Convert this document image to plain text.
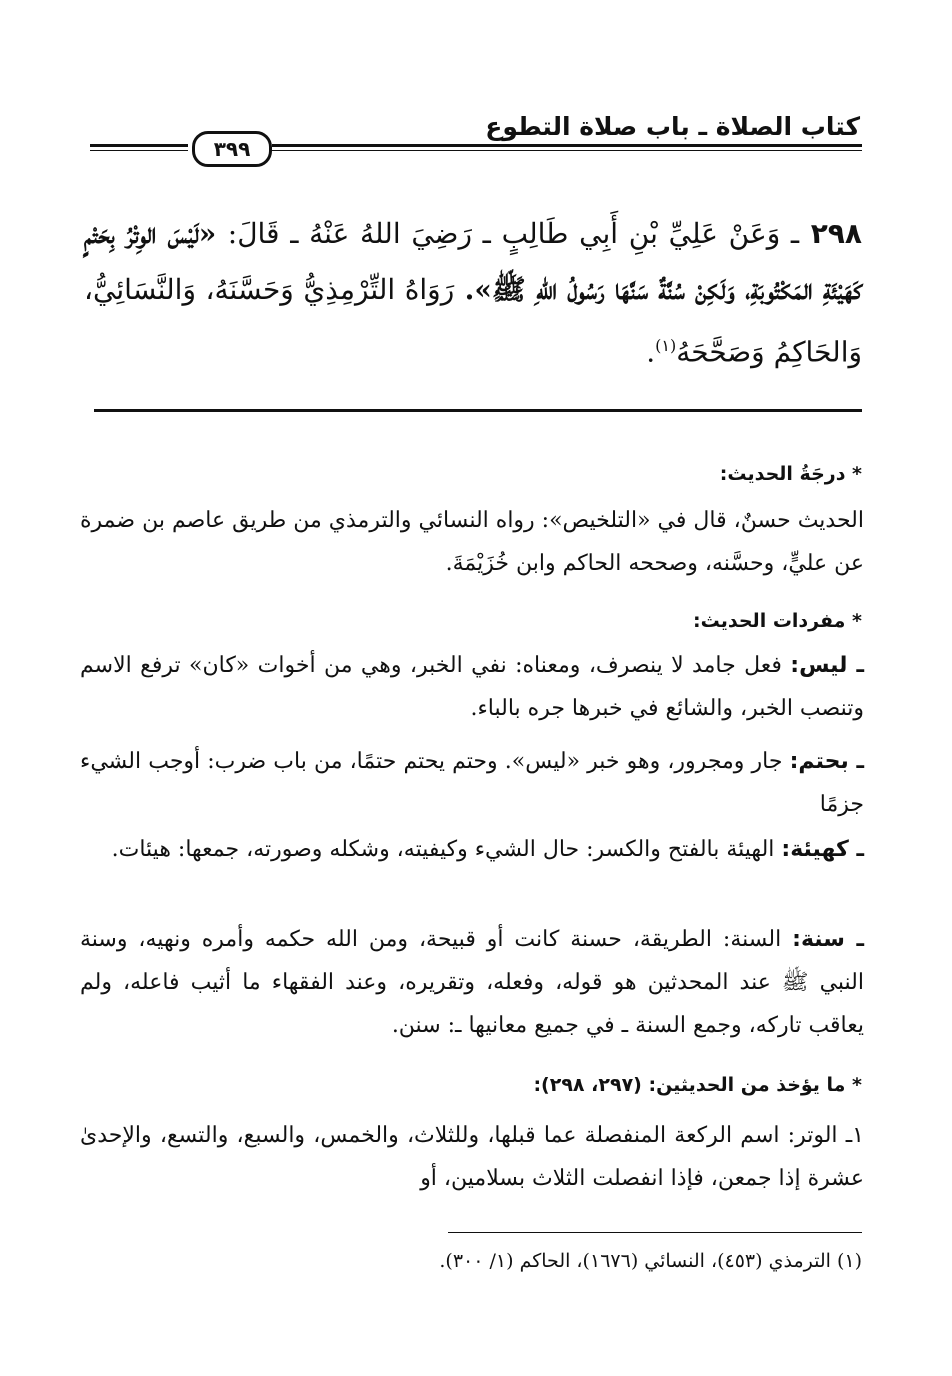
كتاب الصلاة ـ باب صلاة التطوع
٣٩٩
٢٩٨ ـ وَعَنْ عَلِيِّ بْنِ أَبِي طَالِبٍ ـ رَضِيَ اللهُ عَنْهُ ـ قَالَ: «لَيْسَ الوِتْرُ بِحَتْمٍ كَهَيْئَةِ المَكْتُوبَةِ، وَلَكِنْ سُنَّةٌ سَنَّهَا رَسُولُ اللهِ ﷺ». رَوَاهُ التِّرْمِذِيُّ وَحَسَّنَهُ، وَالنَّسَائِيُّ، وَالحَاكِمُ وَصَحَّحَهُ$^{(١)}$.
* درجَةُ الحديث:
الحديث حسنٌ، قال في «التلخيص»: رواه النسائي والترمذي من طريق عاصم بن ضمرة عن عليٍّ، وحسَّنه، وصححه الحاكم وابن خُزَيْمَةَ.
* مفردات الحديث:
ـ ليس: فعل جامد لا ينصرف، ومعناه: نفي الخبر، وهي من أخوات «كان» ترفع الاسم وتنصب الخبر، والشائع في خبرها جره بالباء.
ـ بحتم: جار ومجرور، وهو خبر «ليس». وحتم يحتم حتمًا، من باب ضرب: أوجب الشيء جزمًا
ـ كهيئة: الهيئة بالفتح والكسر: حال الشيء وكيفيته، وشكله وصورته، جمعها: هيئات.
ـ سنة: السنة: الطريقة، حسنة كانت أو قبيحة، ومن الله حكمه وأمره ونهيه، وسنة النبي ﷺ عند المحدثين هو قوله، وفعله، وتقريره، وعند الفقهاء ما أثيب فاعله، ولم يعاقب تاركه، وجمع السنة ـ في جميع معانيها ـ: سنن.
* ما يؤخذ من الحديثين: (٢٩٧، ٢٩٨):
١ـ الوتر: اسم الركعة المنفصلة عما قبلها، وللثلاث، والخمس، والسبع، والتسع، والإحدىٰ عشرة إذا جمعن، فإذا انفصلت الثلاث بسلامين، أو
(١) الترمذي (٤٥٣)، النسائي (١٦٧٦)، الحاكم (١/ ٣٠٠).
